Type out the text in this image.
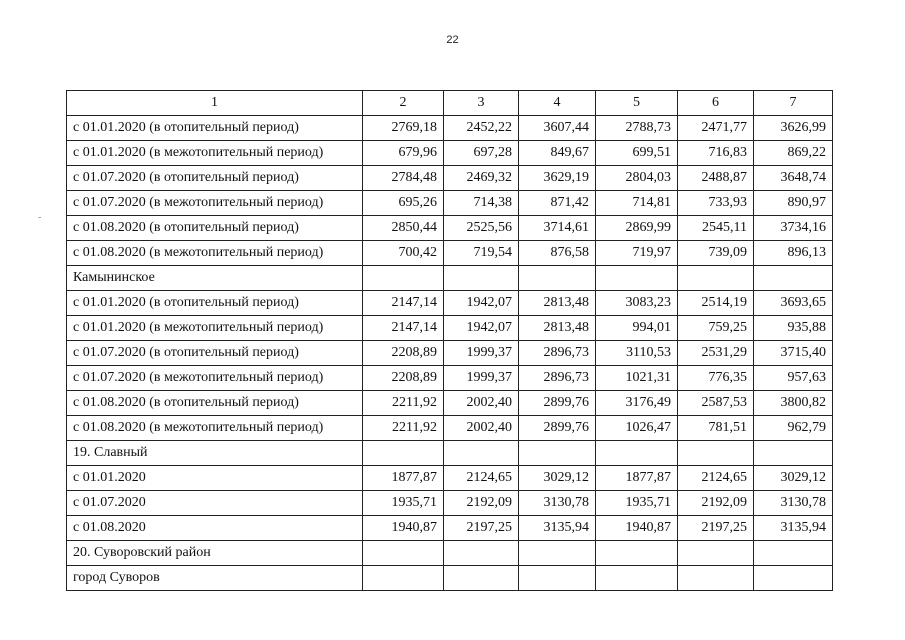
22
-
1	2	3	4	5	6	7
с 01.01.2020 (в отопительный период)	2769,18	2452,22	3607,44	2788,73	2471,77	3626,99
с 01.01.2020 (в межотопительный период)	679,96	697,28	849,67	699,51	716,83	869,22
с 01.07.2020 (в отопительный период)	2784,48	2469,32	3629,19	2804,03	2488,87	3648,74
с 01.07.2020 (в межотопительный период)	695,26	714,38	871,42	714,81	733,93	890,97
с 01.08.2020 (в отопительный период)	2850,44	2525,56	3714,61	2869,99	2545,11	3734,16
с 01.08.2020 (в межотопительный период)	700,42	719,54	876,58	719,97	739,09	896,13
Камынинское						
с 01.01.2020 (в отопительный период)	2147,14	1942,07	2813,48	3083,23	2514,19	3693,65
с 01.01.2020 (в межотопительный период)	2147,14	1942,07	2813,48	994,01	759,25	935,88
с 01.07.2020 (в отопительный период)	2208,89	1999,37	2896,73	3110,53	2531,29	3715,40
с 01.07.2020 (в межотопительный период)	2208,89	1999,37	2896,73	1021,31	776,35	957,63
с 01.08.2020 (в отопительный период)	2211,92	2002,40	2899,76	3176,49	2587,53	3800,82
с 01.08.2020 (в межотопительный период)	2211,92	2002,40	2899,76	1026,47	781,51	962,79
19. Славный						
с 01.01.2020	1877,87	2124,65	3029,12	1877,87	2124,65	3029,12
с 01.07.2020	1935,71	2192,09	3130,78	1935,71	2192,09	3130,78
с 01.08.2020	1940,87	2197,25	3135,94	1940,87	2197,25	3135,94
20. Суворовский район						
город Суворов						
